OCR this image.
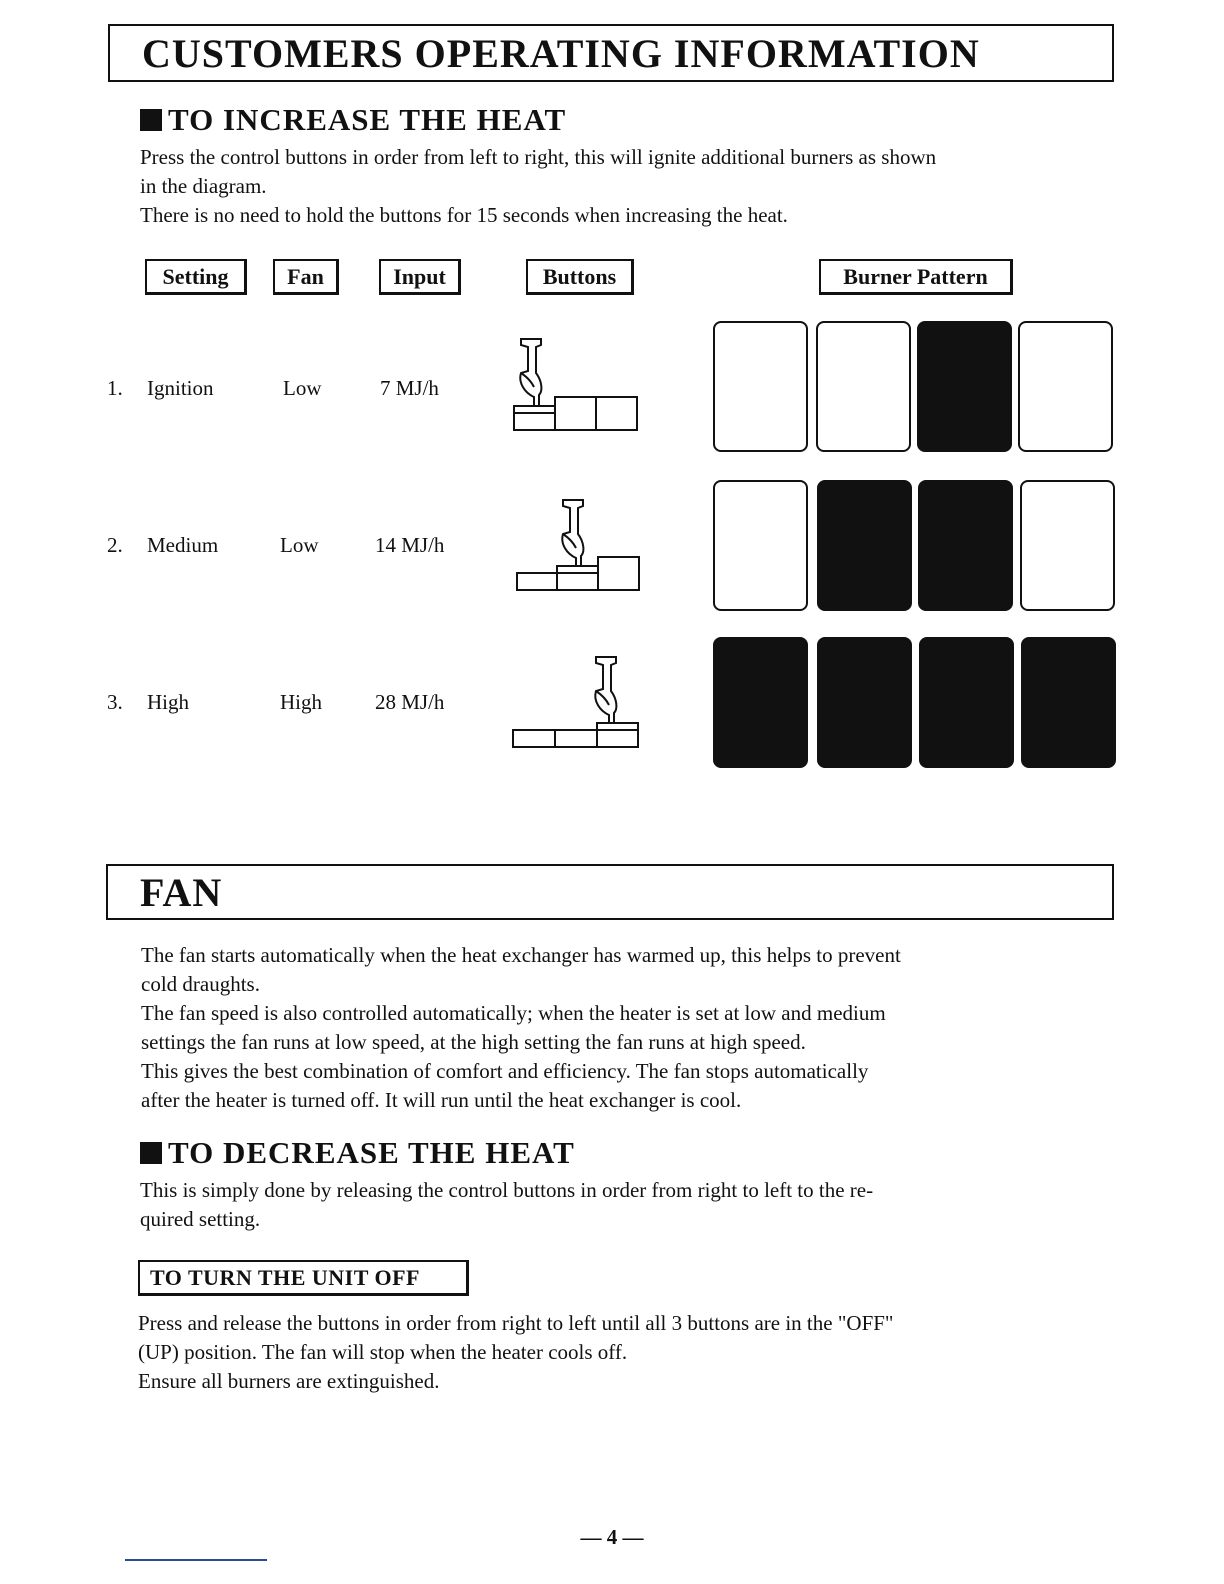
CUSTOMERS OPERATING INFORMATION
TO INCREASE THE HEAT

Press the control buttons in order from left to right, this will ignite additional burners as shown

in the diagram.

There is no need to hold the buttons for 15 seconds when increasing the heat.

Setting	Fan	Input	Buttons	Burner Pattern
1. Ignition	Low	7 MJ/h
2. Medium	Low	14 MJ/h
3. High	High	28 MJ/h
FAN

The fan starts automatically when the heat exchanger has warmed up, this helps to prevent

cold draughts.

The fan speed is also controlled automatically; when the heater is set at low and medium

settings the fan runs at low speed, at the high setting the fan runs at high speed.

This gives the best combination of comfort and efficiency. The fan stops automatically

after the heater is turned off. It will run until the heat exchanger is cool.

TO DECREASE THE HEAT

This is simply done by releasing the control buttons in order from right to left to the re-

quired setting.

TO TURN THE UNIT OFF

Press and release the buttons in order from right to left until all 3 buttons are in the "OFF"

(UP) position. The fan will stop when the heater cools off.

Ensure all burners are extinguished.

— 4 —
